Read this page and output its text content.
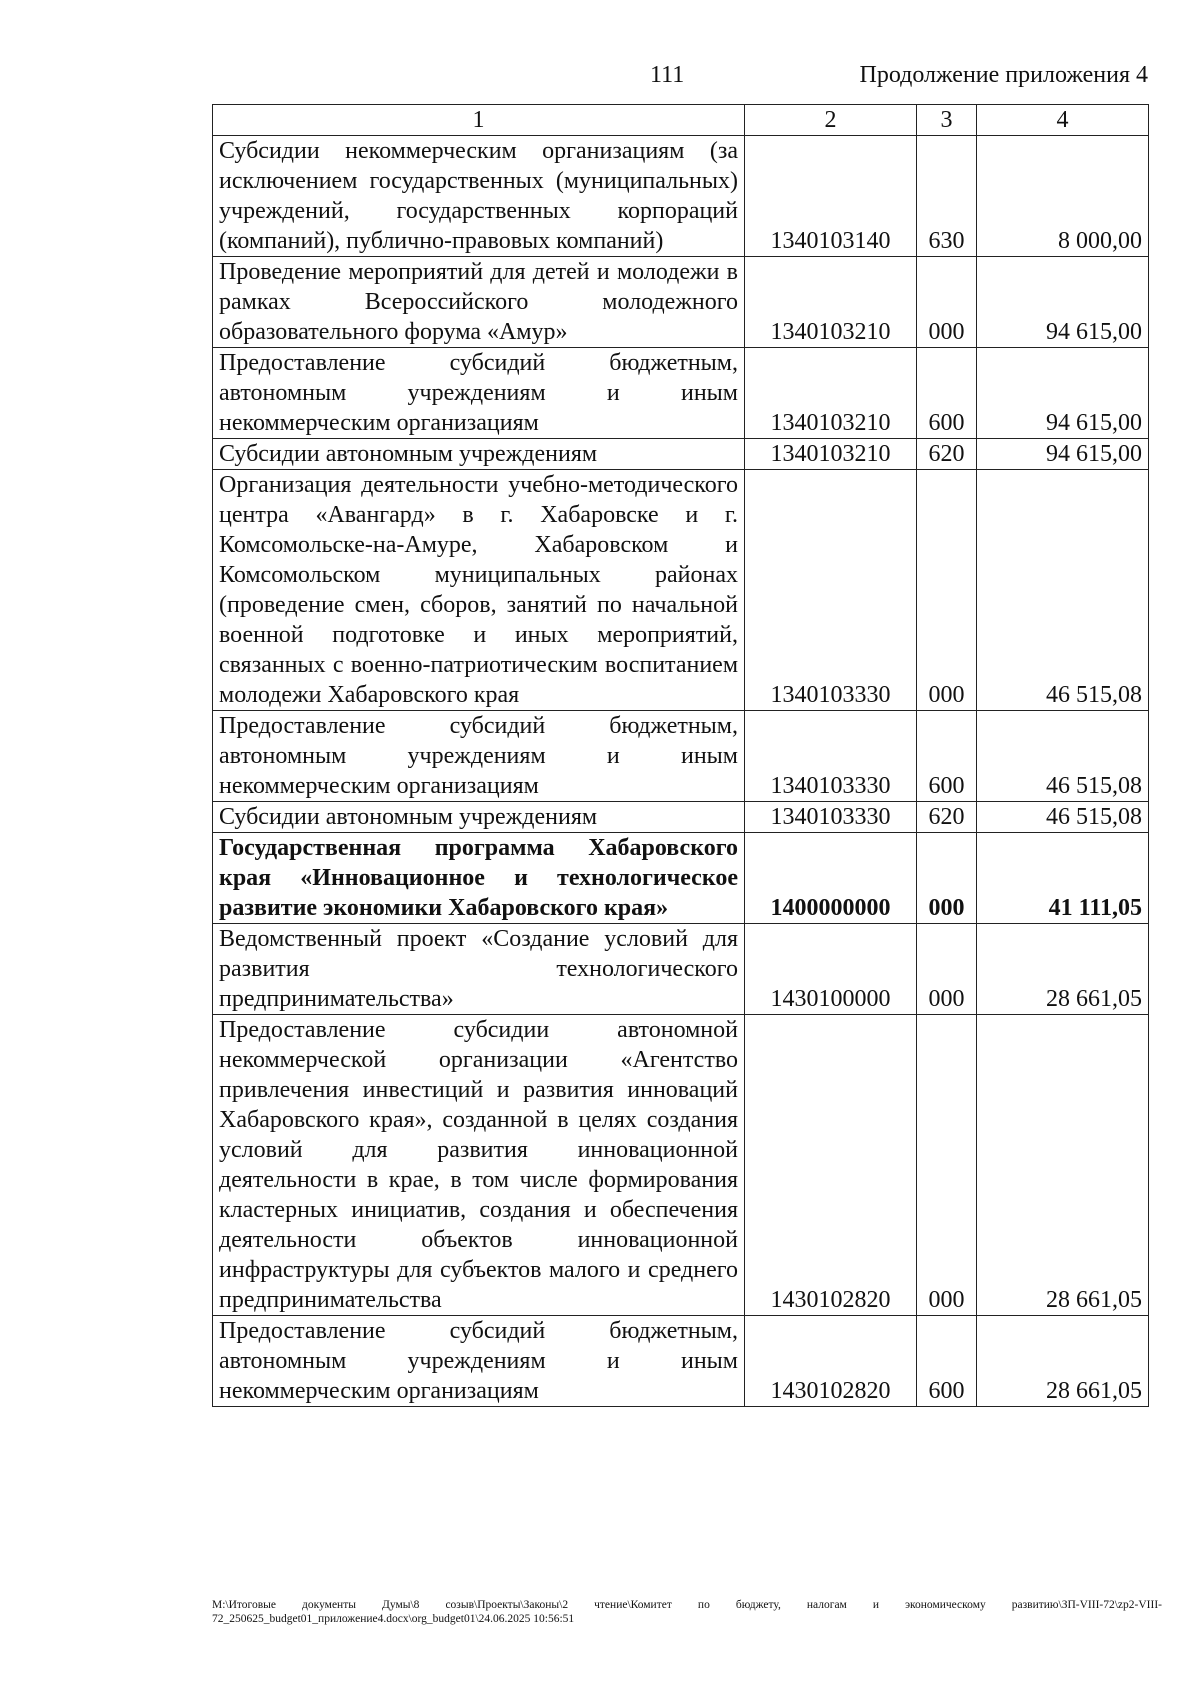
111	Продолжение приложения 4
1	2	3	4
Субсидии некоммерческим организациям (за исключением государственных (муниципальных) учреждений, государственных корпораций (компаний), публично-правовых компаний)	1340103140	630	8 000,00
Проведение мероприятий для детей и молодежи в рамках Всероссийского молодежного образовательного форума «Амур»	1340103210	000	94 615,00
Предоставление субсидий бюджетным, автономным учреждениям и иным некоммерческим организациям	1340103210	600	94 615,00
Субсидии автономным учреждениям	1340103210	620	94 615,00
Организация деятельности учебно-методического центра «Авангард» в г. Хабаровске и г. Комсомольске-на-Амуре, Хабаровском и Комсомольском муниципальных районах (проведение смен, сборов, занятий по начальной военной подготовке и иных мероприятий, связанных с военно-патриотическим воспитанием молодежи Хабаровского края	1340103330	000	46 515,08
Предоставление субсидий бюджетным, автономным учреждениям и иным некоммерческим организациям	1340103330	600	46 515,08
Субсидии автономным учреждениям	1340103330	620	46 515,08
Государственная программа Хабаровского края «Инновационное и технологическое развитие экономики Хабаровского края»	1400000000	000	41 111,05
Ведомственный проект «Создание условий для развития технологического предпринимательства»	1430100000	000	28 661,05
Предоставление субсидии автономной некоммерческой организации «Агентство привлечения инвестиций и развития инноваций Хабаровского края», созданной в целях создания условий для развития инновационной деятельности в крае, в том числе формирования кластерных инициатив, создания и обеспечения деятельности объектов инновационной инфраструктуры для субъектов малого и среднего предпринимательства	1430102820	000	28 661,05
Предоставление субсидий бюджетным, автономным учреждениям и иным некоммерческим организациям	1430102820	600	28 661,05
M:\Итоговые документы Думы\8 созыв\Проекты\Законы\2 чтение\Комитет по бюджету, налогам и экономическому развитию\ЗП-VIII-72\zp2-VIII-72_250625_budget01_приложение4.docx\org_budget01\24.06.2025 10:56:51
